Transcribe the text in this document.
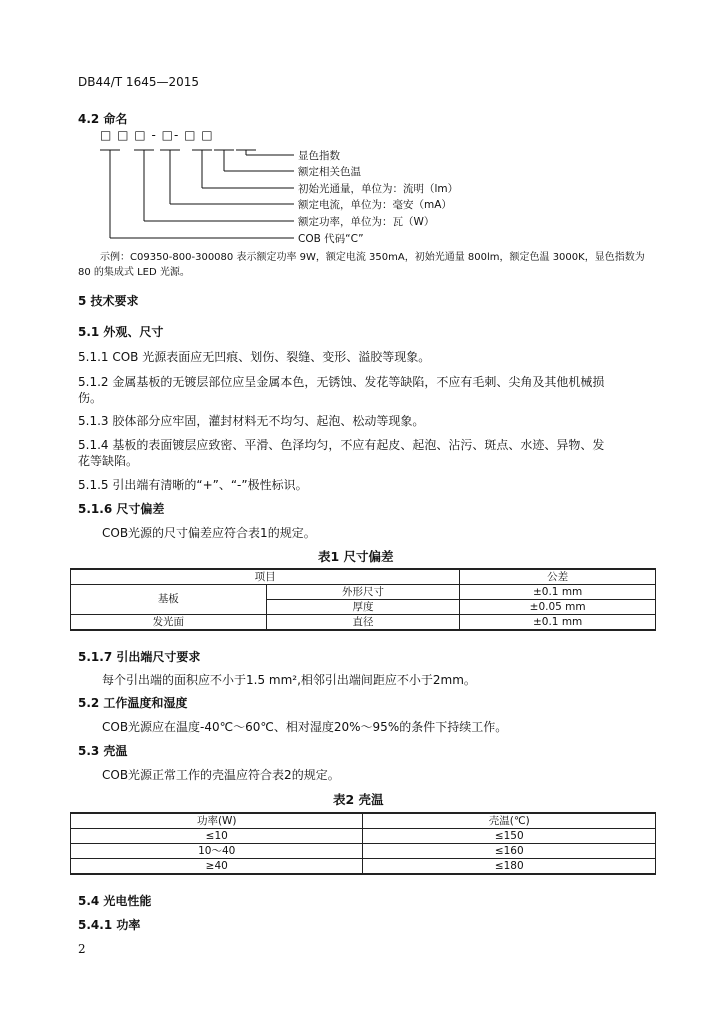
DB44/T 1645—2015
4.2 命名
□ □ □ - □- □ □
显色指数
额定相关色温
初始光通量，单位为：流明（lm）
额定电流，单位为：毫安（mA）
额定功率，单位为：瓦（W）
COB 代码“C”
示例：C09350-800-300080 表示额定功率 9W，额定电流 350mA，初始光通量 800lm，额定色温 3000K，显色指数为
80 的集成式 LED 光源。
5 技术要求
5.1 外观、尺寸
5.1.1 COB 光源表面应无凹痕、划伤、裂缝、变形、溢胶等现象。
5.1.2 金属基板的无镀层部位应呈金属本色，无锈蚀、发花等缺陷，不应有毛刺、尖角及其他机械损
伤。
5.1.3 胶体部分应牢固，灌封材料无不均匀、起泡、松动等现象。
5.1.4 基板的表面镀层应致密、平滑、色泽均匀，不应有起皮、起泡、沾污、斑点、水迹、异物、发
花等缺陷。
5.1.5 引出端有清晰的“+”、“-”极性标识。
5.1.6 尺寸偏差
COB光源的尺寸偏差应符合表1的规定。
表1 尺寸偏差
项目		公差
基板	外形尺寸	±0.1 mm
	厚度	±0.05 mm
发光面	直径	±0.1 mm
5.1.7 引出端尺寸要求
每个引出端的面积应不小于1.5 mm²,相邻引出端间距应不小于2mm。
5.2 工作温度和湿度
COB光源应在温度-40℃～60℃、相对湿度20%～95%的条件下持续工作。
5.3 壳温
COB光源正常工作的壳温应符合表2的规定。
表2 壳温
功率(W)	壳温(℃)
≤10	≤150
10～40	≤160
≥40	≤180
5.4 光电性能
5.4.1 功率
2
